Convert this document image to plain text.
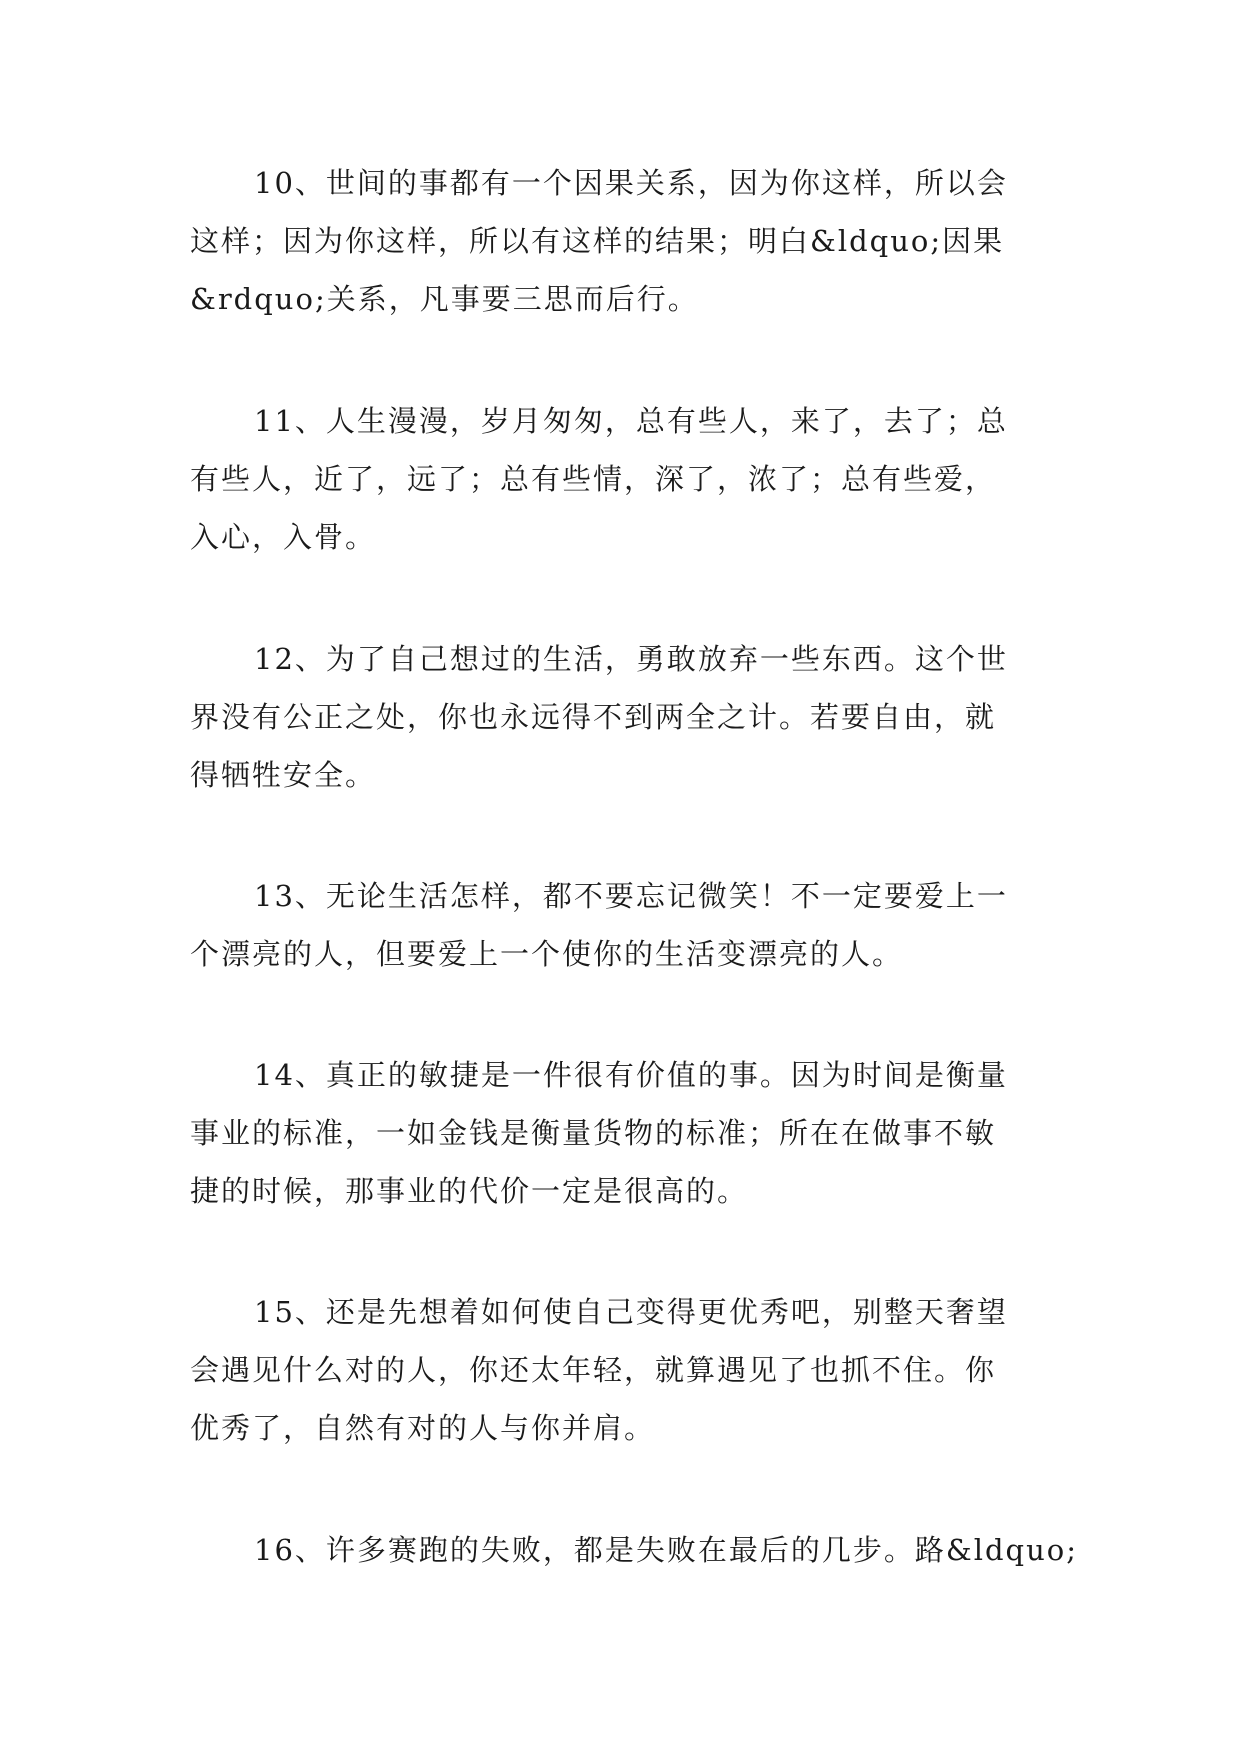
10、世间的事都有一个因果关系，因为你这样，所以会
这样；因为你这样，所以有这样的结果；明白&ldquo;因果
&rdquo;关系，凡事要三思而后行。

11、人生漫漫，岁月匆匆，总有些人，来了，去了；总
有些人，近了，远了；总有些情，深了，浓了；总有些爱，
入心，入骨。

12、为了自己想过的生活，勇敢放弃一些东西。这个世
界没有公正之处，你也永远得不到两全之计。若要自由，就
得牺牲安全。

13、无论生活怎样，都不要忘记微笑！不一定要爱上一
个漂亮的人，但要爱上一个使你的生活变漂亮的人。

14、真正的敏捷是一件很有价值的事。因为时间是衡量
事业的标准，一如金钱是衡量货物的标准；所在在做事不敏
捷的时候，那事业的代价一定是很高的。

15、还是先想着如何使自己变得更优秀吧，别整天奢望
会遇见什么对的人，你还太年轻，就算遇见了也抓不住。你
优秀了，自然有对的人与你并肩。

16、许多赛跑的失败，都是失败在最后的几步。路&ldquo;
